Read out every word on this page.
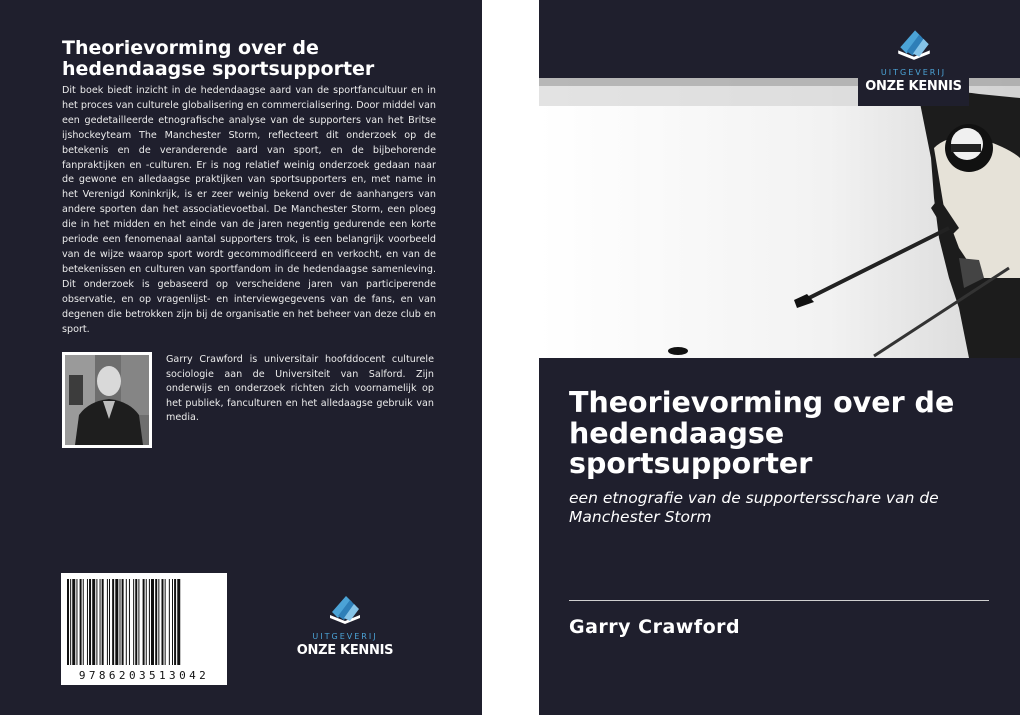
Theorievorming over de
hedendaagse sportsupporter

Dit boek biedt inzicht in de hedendaagse aard van de sportfancultuur en in het proces van culturele globalisering en commercialisering. Door middel van een gedetailleerde etnografische analyse van de supporters van het Britse ijshockeyteam The Manchester Storm, reflecteert dit onderzoek op de betekenis en de veranderende aard van sport, en de bijbehorende fanpraktijken en -culturen. Er is nog relatief weinig onderzoek gedaan naar de gewone en alledaagse praktijken van sportsupporters en, met name in het Verenigd Koninkrijk, is er zeer weinig bekend over de aanhangers van andere sporten dan het associatievoetbal. De Manchester Storm, een ploeg die in het midden en het einde van de jaren negentig gedurende een korte periode een fenomenaal aantal supporters trok, is een belangrijk voorbeeld van de wijze waarop sport wordt gecommodificeerd en verkocht, en van de betekenissen en culturen van sportfandom in de hedendaagse samenleving. Dit onderzoek is gebaseerd op verscheidene jaren van participerende observatie, en op vragenlijst- en interviewgegevens van de fans, en van degenen die betrokken zijn bij de organisatie en het beheer van deze club en sport.

Garry Crawford is universitair hoofddocent culturele sociologie aan de Universiteit van Salford. Zijn onderwijs en onderzoek richten zich voornamelijk op het publiek, fanculturen en het alledaagse gebruik van media.

9786203513042
UITGEVERIJ
ONZE KENNIS
UITGEVERIJ
ONZE KENNIS
Theorievorming over de
hedendaagse
sportsupporter
een etnografie van de supportersschare van de
Manchester Storm
Garry Crawford
